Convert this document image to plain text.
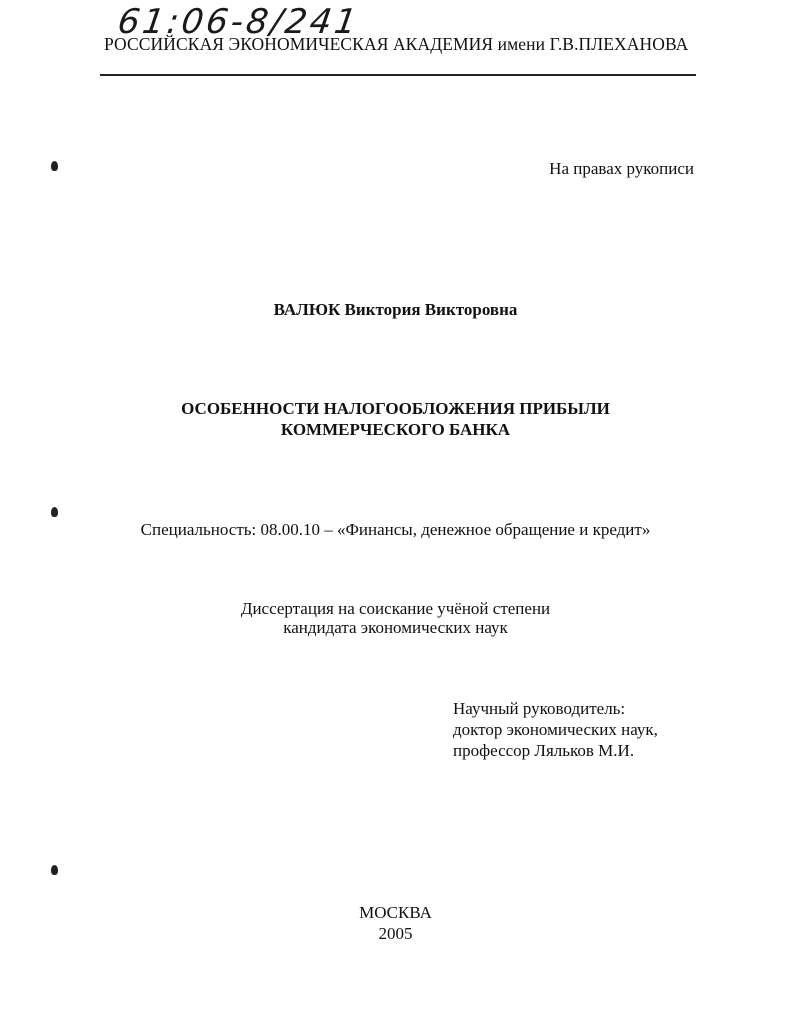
61:06-8/241
РОССИЙСКАЯ ЭКОНОМИЧЕСКАЯ АКАДЕМИЯ имени Г.В.ПЛЕХАНОВА
На правах рукописи
ВАЛЮК Виктория Викторовна
ОСОБЕННОСТИ НАЛОГООБЛОЖЕНИЯ ПРИБЫЛИ
КОММЕРЧЕСКОГО БАНКА
Специальность: 08.00.10 – «Финансы, денежное обращение и кредит»
Диссертация на соискание учёной степени
кандидата экономических наук
Научный руководитель:
доктор экономических наук,
профессор Ляльков М.И.
МОСКВА
2005
